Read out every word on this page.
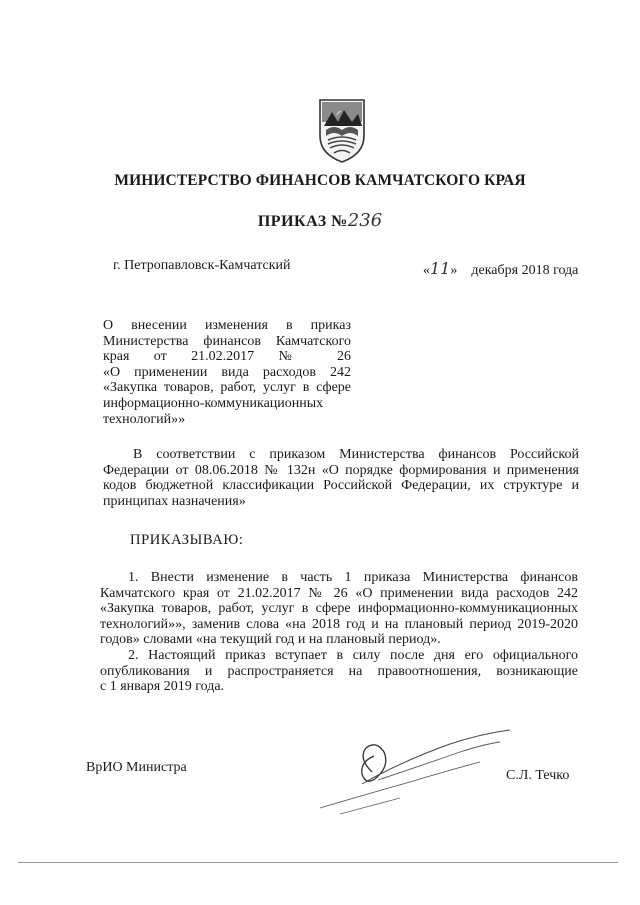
МИНИСТЕРСТВО ФИНАНСОВ КАМЧАТСКОГО КРАЯ
ПРИКАЗ №236
г. Петропавловск-Камчатский	«11» декабря 2018 года
О внесении изменения в приказ
Министерства финансов Камчатского
края от 21.02.2017 № 26
«О применении вида расходов 242
«Закупка товаров, работ, услуг в сфере
информационно-коммуникационных
технологий»»
В соответствии с приказом Министерства финансов Российской
Федерации от 08.06.2018 № 132н «О порядке формирования и применения
кодов бюджетной классификации Российской Федерации, их структуре и
принципах назначения»
ПРИКАЗЫВАЮ:
1. Внести изменение в часть 1 приказа Министерства финансов
Камчатского края от 21.02.2017 № 26 «О применении вида расходов 242
«Закупка товаров, работ, услуг в сфере информационно-коммуникационных
технологий»», заменив слова «на 2018 год и на плановый период 2019-2020
годов» словами «на текущий год и на плановый период».
2. Настоящий приказ вступает в силу после дня его официального
опубликования и распространяется на правоотношения, возникающие
с 1 января 2019 года.
ВрИО Министра
С.Л. Течко
